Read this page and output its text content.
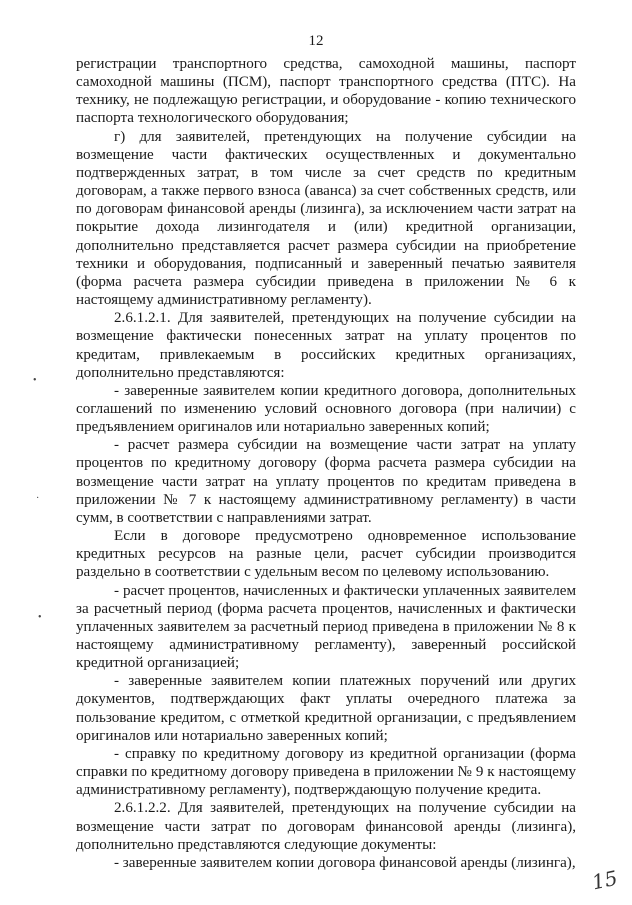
12

регистрации транспортного средства, самоходной машины, паспорт самоходной машины (ПСМ), паспорт транспортного средства (ПТС). На технику, не подлежащую регистрации, и оборудование - копию технического паспорта технологического оборудования;

г) для заявителей, претендующих на получение субсидии на возмещение части фактических осуществленных и документально подтвержденных затрат, в том числе за счет средств по кредитным договорам, а также первого взноса (аванса) за счет собственных средств, или по договорам финансовой аренды (лизинга), за исключением части затрат на покрытие дохода лизингодателя и (или) кредитной организации, дополнительно представляется расчет размера субсидии на приобретение техники и оборудования, подписанный и заверенный печатью заявителя (форма расчета размера субсидии приведена в приложении № 6 к настоящему административному регламенту).

2.6.1.2.1. Для заявителей, претендующих на получение субсидии на возмещение фактически понесенных затрат на уплату процентов по кредитам, привлекаемым в российских кредитных организациях, дополнительно представляются:

- заверенные заявителем копии кредитного договора, дополнительных соглашений по изменению условий основного договора (при наличии) с предъявлением оригиналов или нотариально заверенных копий;

- расчет размера субсидии на возмещение части затрат на уплату процентов по кредитному договору (форма расчета размера субсидии на возмещение части затрат на уплату процентов по кредитам приведена в приложении № 7 к настоящему административному регламенту) в части сумм, в соответствии с направлениями затрат.

Если в договоре предусмотрено одновременное использование кредитных ресурсов на разные цели, расчет субсидии производится раздельно в соответствии с удельным весом по целевому использованию.

- расчет процентов, начисленных и фактически уплаченных заявителем за расчетный период (форма расчета процентов, начисленных и фактически уплаченных заявителем за расчетный период приведена в приложении № 8 к настоящему административному регламенту), заверенный российской кредитной организацией;

- заверенные заявителем копии платежных поручений или других документов, подтверждающих факт уплаты очередного платежа за пользование кредитом, с отметкой кредитной организации, с предъявлением оригиналов или нотариально заверенных копий;

- справку по кредитному договору из кредитной организации (форма справки по кредитному договору приведена в приложении № 9 к настоящему административному регламенту), подтверждающую получение кредита.

2.6.1.2.2. Для заявителей, претендующих на получение субсидии на возмещение части затрат по договорам финансовой аренды (лизинга), дополнительно представляются следующие документы:

- заверенные заявителем копии договора финансовой аренды (лизинга),

•
·
•
15
